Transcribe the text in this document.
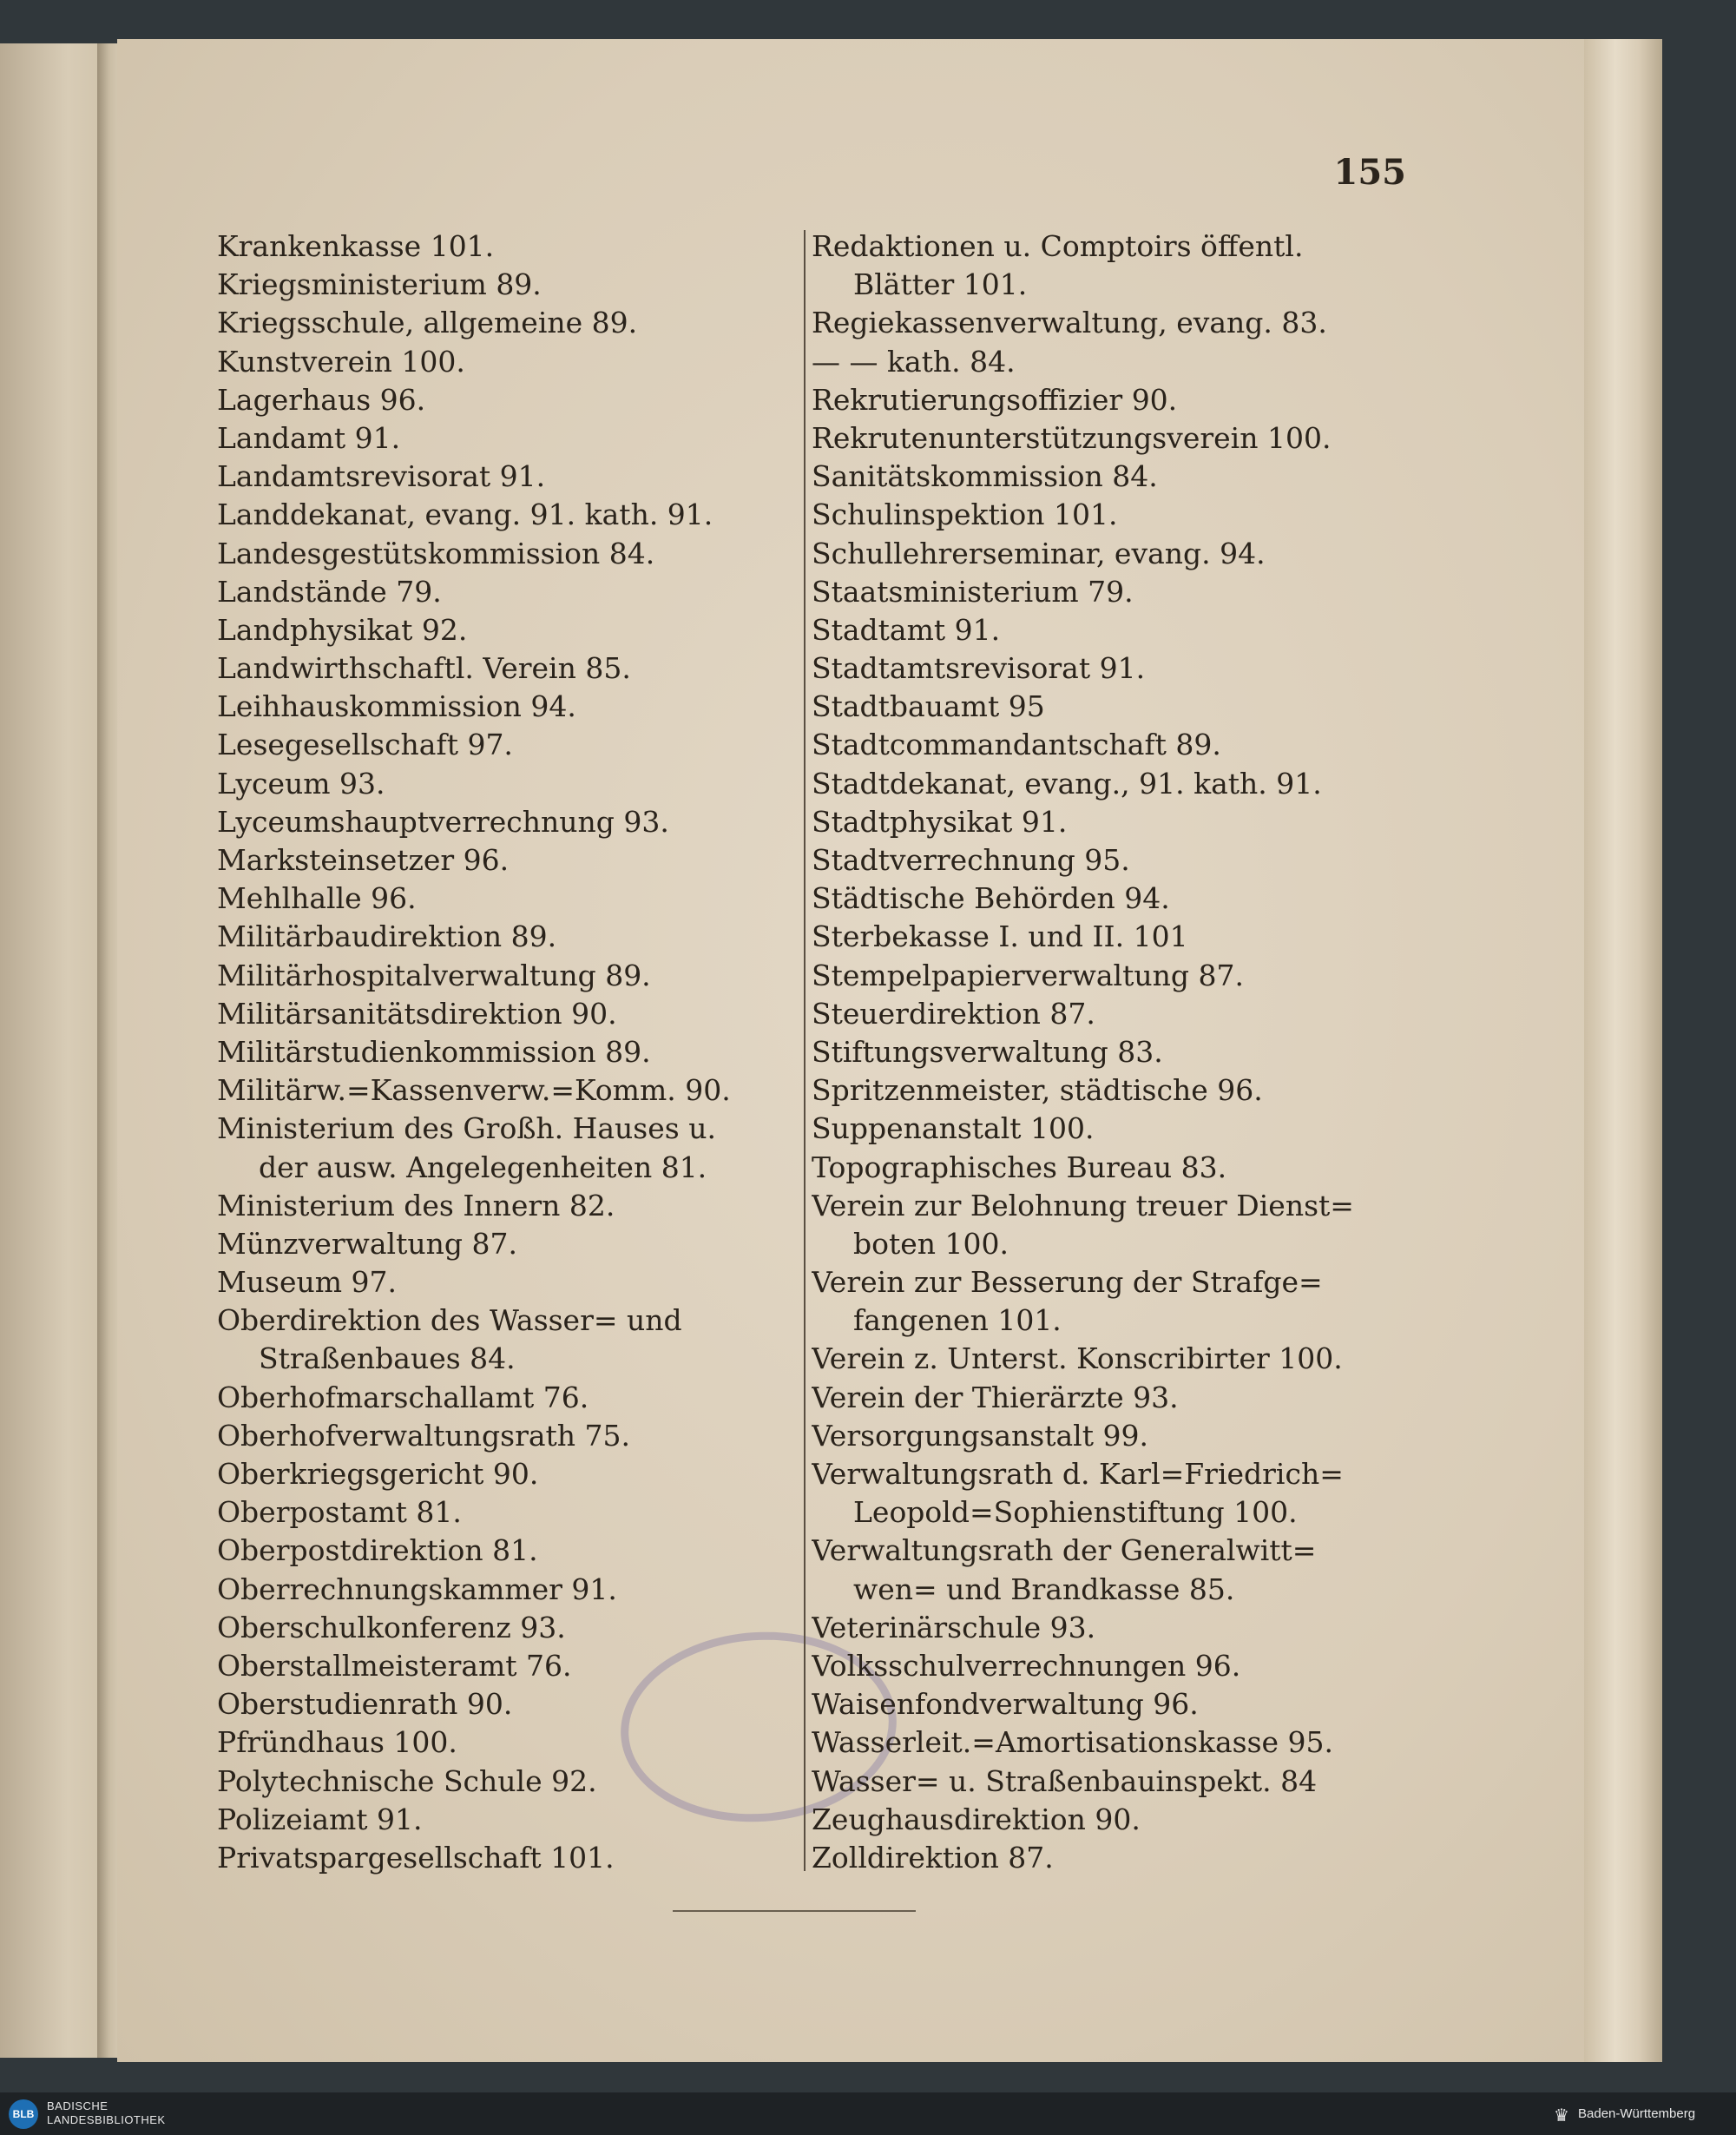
155
Krankenkasse 101.
Kriegsministerium 89.
Kriegsschule, allgemeine 89.
Kunstverein 100.
Lagerhaus 96.
Landamt 91.
Landamtsrevisorat 91.
Landdekanat, evang. 91. kath. 91.
Landesgestütskommission 84.
Landstände 79.
Landphysikat 92.
Landwirthschaftl. Verein 85.
Leihhauskommission 94.
Lesegesellschaft 97.
Lyceum 93.
Lyceumshauptverrechnung 93.
Marksteinsetzer 96.
Mehlhalle 96.
Militärbaudirektion 89.
Militärhospitalverwaltung 89.
Militärsanitätsdirektion 90.
Militärstudienkommission 89.
Militärw.=Kassenverw.=Komm. 90.
Ministerium des Großh. Hauses u.
der ausw. Angelegenheiten 81.
Ministerium des Innern 82.
Münzverwaltung 87.
Museum 97.
Oberdirektion des Wasser= und
Straßenbaues 84.
Oberhofmarschallamt 76.
Oberhofverwaltungsrath 75.
Oberkriegsgericht 90.
Oberpostamt 81.
Oberpostdirektion 81.
Oberrechnungskammer 91.
Oberschulkonferenz 93.
Oberstallmeisteramt 76.
Oberstudienrath 90.
Pfründhaus 100.
Polytechnische Schule 92.
Polizeiamt 91.
Privatspargesellschaft 101.
Redaktionen u. Comptoirs öffentl.
Blätter 101.
Regiekassenverwaltung, evang. 83.
— — kath. 84.
Rekrutierungsoffizier 90.
Rekrutenunterstützungsverein 100.
Sanitätskommission 84.
Schulinspektion 101.
Schullehrerseminar, evang. 94.
Staatsministerium 79.
Stadtamt 91.
Stadtamtsrevisorat 91.
Stadtbauamt 95
Stadtcommandantschaft 89.
Stadtdekanat, evang., 91. kath. 91.
Stadtphysikat 91.
Stadtverrechnung 95.
Städtische Behörden 94.
Sterbekasse I. und II. 101
Stempelpapierverwaltung 87.
Steuerdirektion 87.
Stiftungsverwaltung 83.
Spritzenmeister, städtische 96.
Suppenanstalt 100.
Topographisches Bureau 83.
Verein zur Belohnung treuer Dienst=
boten 100.
Verein zur Besserung der Strafge=
fangenen 101.
Verein z. Unterst. Konscribirter 100.
Verein der Thierärzte 93.
Versorgungsanstalt 99.
Verwaltungsrath d. Karl=Friedrich=
Leopold=Sophienstiftung 100.
Verwaltungsrath der Generalwitt=
wen= und Brandkasse 85.
Veterinärschule 93.
Volksschulverrechnungen 96.
Waisenfondverwaltung 96.
Wasserleit.=Amortisationskasse 95.
Wasser= u. Straßenbauinspekt. 84
Zeughausdirektion 90.
Zolldirektion 87.
BLB
BADISCHE
LANDESBIBLIOTHEK	♛ Baden-Württemberg
